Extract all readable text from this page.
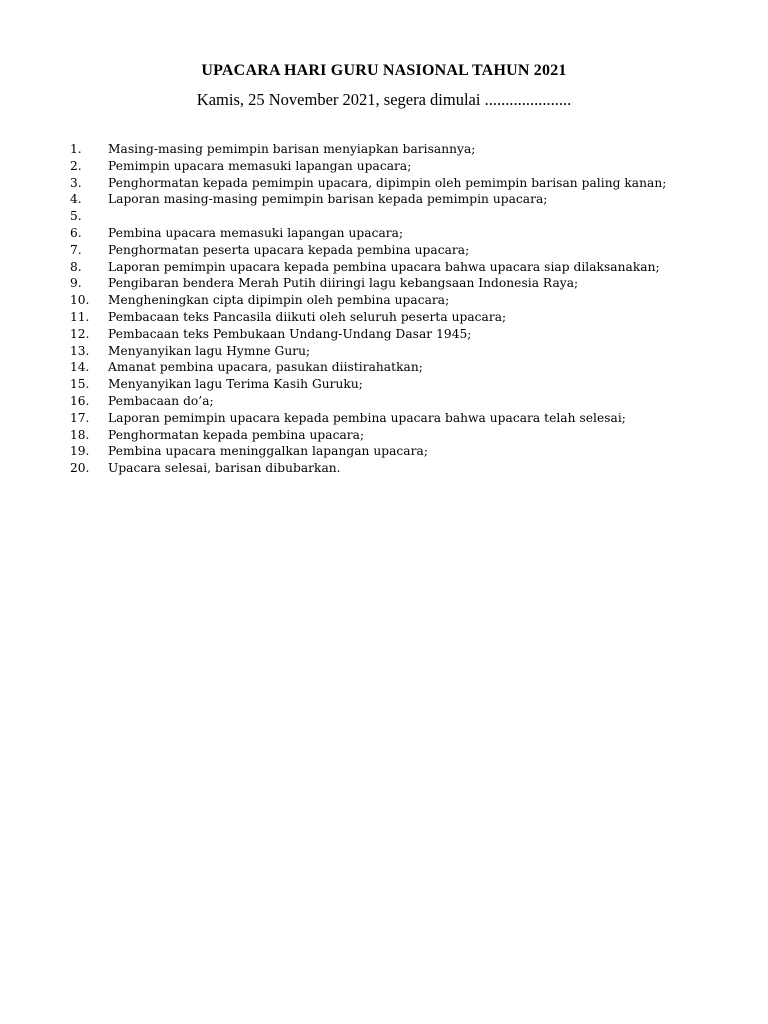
UPACARA HARI GURU NASIONAL TAHUN 2021
Kamis, 25 November 2021, segera dimulai .....................
1.	Masing-masing pemimpin barisan menyiapkan barisannya;
2.	Pemimpin upacara memasuki lapangan upacara;
3.	Penghormatan kepada pemimpin upacara, dipimpin oleh pemimpin barisan paling kanan;
4.	Laporan masing-masing pemimpin barisan kepada pemimpin upacara;
5.
6.	Pembina upacara memasuki lapangan upacara;
7.	Penghormatan peserta upacara kepada pembina upacara;
8.	Laporan pemimpin upacara kepada pembina upacara bahwa upacara siap dilaksanakan;
9.	Pengibaran bendera Merah Putih diiringi lagu kebangsaan Indonesia Raya;
10.	Mengheningkan cipta dipimpin oleh pembina upacara;
11.	Pembacaan teks Pancasila diikuti oleh seluruh peserta upacara;
12.	Pembacaan teks Pembukaan Undang-Undang Dasar 1945;
13.	Menyanyikan lagu Hymne Guru;
14.	Amanat pembina upacara, pasukan diistirahatkan;
15.	Menyanyikan lagu Terima Kasih Guruku;
16.	Pembacaan do’a;
17.	Laporan pemimpin upacara kepada pembina upacara bahwa upacara telah selesai;
18.	Penghormatan kepada pembina upacara;
19.	Pembina upacara meninggalkan lapangan upacara;
20.	Upacara selesai, barisan dibubarkan.
